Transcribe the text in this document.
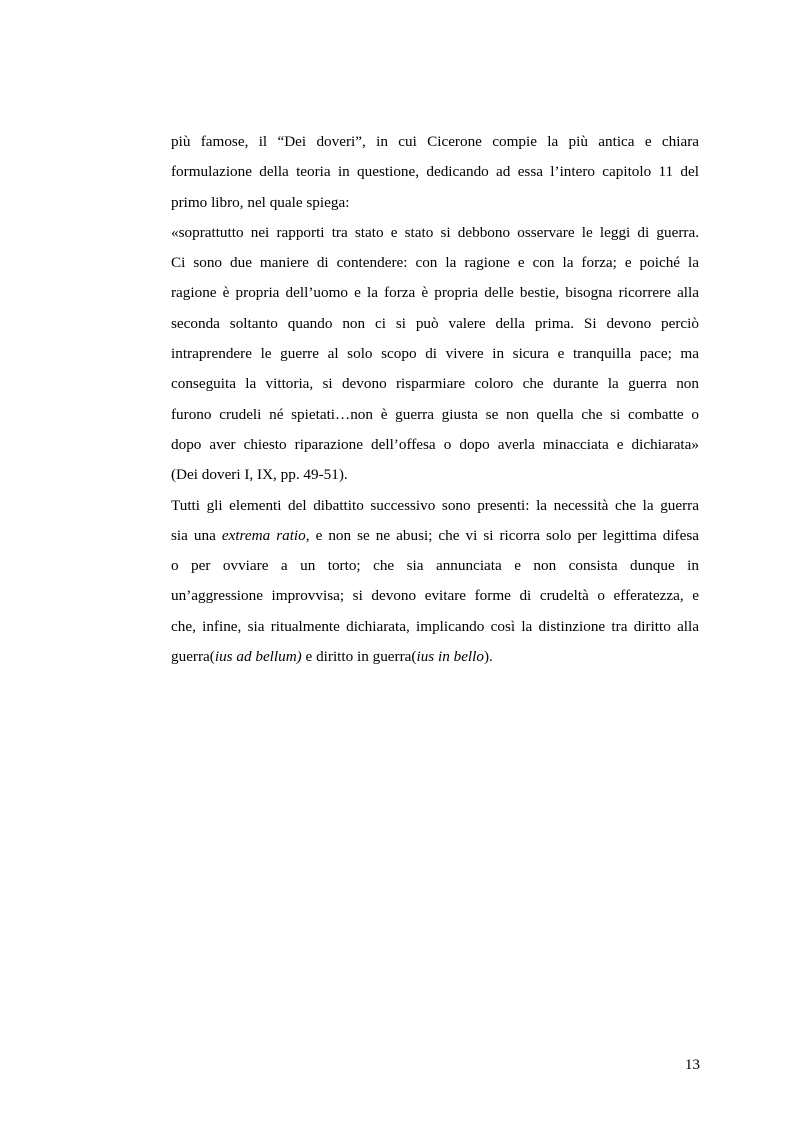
più famose, il “Dei doveri”, in cui Cicerone compie la più antica e chiara
formulazione della teoria in questione, dedicando ad essa l’intero capitolo 11 del
primo libro, nel quale spiega:
«soprattutto nei rapporti tra stato e stato si debbono osservare le leggi di guerra.
Ci sono due maniere di contendere: con la ragione e con la forza; e poiché la
ragione è propria dell’uomo e la forza è propria delle bestie, bisogna ricorrere alla
seconda soltanto quando non ci si può valere della prima. Si devono perciò
intraprendere le guerre al solo scopo di vivere in sicura e tranquilla pace; ma
conseguita la vittoria, si devono risparmiare coloro che durante la guerra non
furono crudeli né spietati…non è guerra giusta se non quella che si combatte o
dopo aver chiesto riparazione dell’offesa o dopo averla minacciata e dichiarata»
(Dei doveri I, IX, pp. 49-51).
Tutti gli elementi del dibattito successivo sono presenti: la necessità che la guerra
sia una extrema ratio, e non se ne abusi; che vi si ricorra solo per legittima difesa
o per ovviare a un torto; che sia annunciata e non consista dunque in
un’aggressione improvvisa; si devono evitare forme di crudeltà o efferatezza, e
che, infine, sia ritualmente dichiarata, implicando così la distinzione tra diritto alla
guerra(ius ad bellum) e diritto in guerra(ius in bello).
13
